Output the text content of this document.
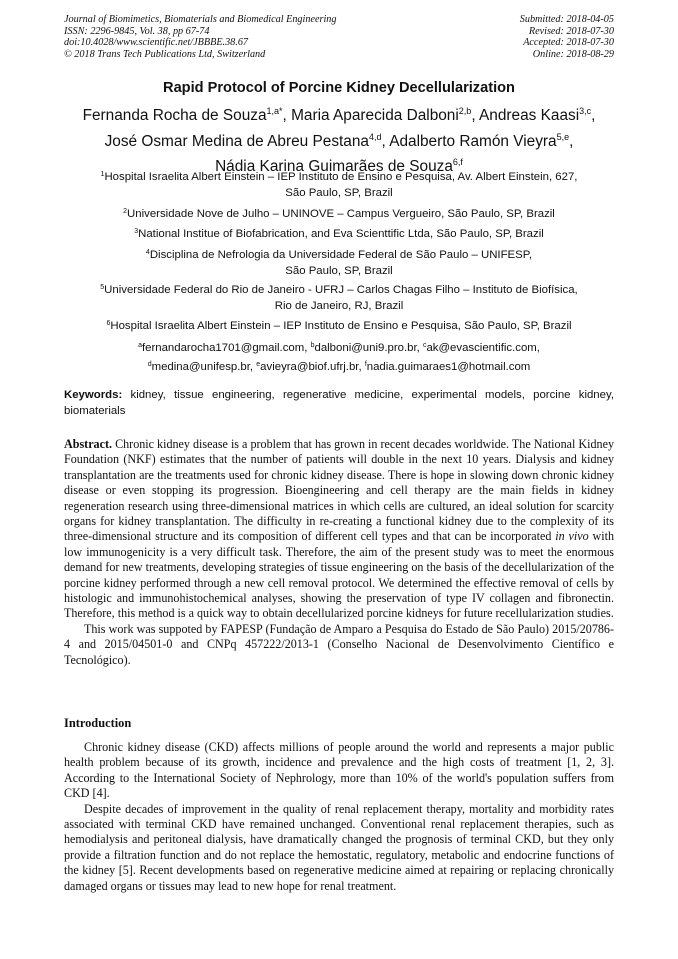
Journal of Biomimetics, Biomaterials and Biomedical Engineering
ISSN: 2296-9845, Vol. 38, pp 67-74
doi:10.4028/www.scientific.net/JBBBE.38.67
© 2018 Trans Tech Publications Ltd, Switzerland
Submitted: 2018-04-05
Revised: 2018-07-30
Accepted: 2018-07-30
Online: 2018-08-29
Rapid Protocol of Porcine Kidney Decellularization
Fernanda Rocha de Souza$^{1,a*}$, Maria Aparecida Dalboni$^{2,b}$, Andreas Kaasi$^{3,c}$,
José Osmar Medina de Abreu Pestana$^{4,d}$, Adalberto Ramón Vieyra$^{5,e}$,
Nádia Karina Guimarães de Souza$^{6,f}$
$^1$Hospital Israelita Albert Einstein – IEP Instituto de Ensino e Pesquisa, Av. Albert Einstein, 627,
São Paulo, SP, Brazil
$^2$Universidade Nove de Julho – UNINOVE – Campus Vergueiro, São Paulo, SP, Brazil
$^3$National Institue of Biofabrication, and Eva Scienttific Ltda, São Paulo, SP, Brazil
$^4$Disciplina de Nefrologia da Universidade Federal de São Paulo – UNIFESP,
São Paulo, SP, Brazil
$^5$Universidade Federal do Rio de Janeiro - UFRJ – Carlos Chagas Filho – Instituto de Biofísica,
Rio de Janeiro, RJ, Brazil
$^6$Hospital Israelita Albert Einstein – IEP Instituto de Ensino e Pesquisa, São Paulo, SP, Brazil
$^a$fernandarocha1701@gmail.com, $^b$dalboni@uni9.pro.br, $^c$ak@evascientific.com,
$^d$medina@unifesp.br, $^e$avieyra@biof.ufrj.br, $^f$nadia.guimaraes1@hotmail.com
Keywords: kidney, tissue engineering, regenerative medicine, experimental models, porcine kidney, biomaterials

Abstract. Chronic kidney disease is a problem that has grown in recent decades worldwide. The National Kidney Foundation (NKF) estimates that the number of patients will double in the next 10 years. Dialysis and kidney transplantation are the treatments used for chronic kidney disease. There is hope in slowing down chronic kidney disease or even stopping its progression. Bioengineering and cell therapy are the main fields in kidney regeneration research using three-dimensional matrices in which cells are cultured, an ideal solution for scarcity organs for kidney transplantation. The difficulty in re-creating a functional kidney due to the complexity of its three-dimensional structure and its composition of different cell types and that can be incorporated in vivo with low immunogenicity is a very difficult task. Therefore, the aim of the present study was to meet the enormous demand for new treatments, developing strategies of tissue engineering on the basis of the decellularization of the porcine kidney performed through a new cell removal protocol. We determined the effective removal of cells by histologic and immunohistochemical analyses, showing the preservation of type IV collagen and fibronectin. Therefore, this method is a quick way to obtain decellularized porcine kidneys for future recellularization studies.

This work was suppoted by FAPESP (Fundação de Amparo a Pesquisa do Estado de São Paulo) 2015/20786-4 and 2015/04501-0 and CNPq 457222/2013-1 (Conselho Nacional de Desenvolvimento Científico e Tecnológico).

Introduction

Chronic kidney disease (CKD) affects millions of people around the world and represents a major public health problem because of its growth, incidence and prevalence and the high costs of treatment [1, 2, 3]. According to the International Society of Nephrology, more than 10% of the world's population suffers from CKD [4].

Despite decades of improvement in the quality of renal replacement therapy, mortality and morbidity rates associated with terminal CKD have remained unchanged. Conventional renal replacement therapies, such as hemodialysis and peritoneal dialysis, have dramatically changed the prognosis of terminal CKD, but they only provide a filtration function and do not replace the hemostatic, regulatory, metabolic and endocrine functions of the kidney [5]. Recent developments based on regenerative medicine aimed at repairing or replacing chronically damaged organs or tissues may lead to new hope for renal treatment.
